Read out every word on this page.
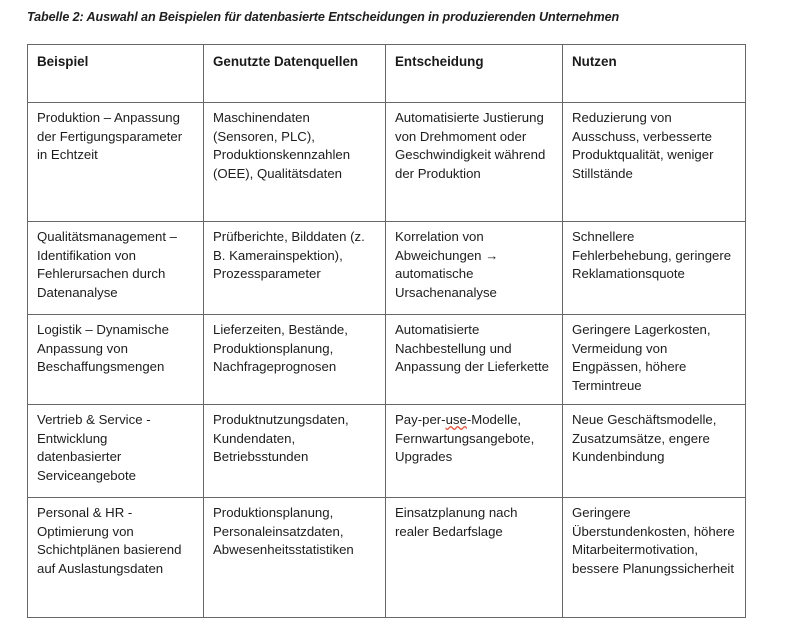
Tabelle 2: Auswahl an Beispielen für datenbasierte Entscheidungen in produzierenden Unternehmen
Beispiel	Genutzte Datenquellen	Entscheidung	Nutzen
Produktion – Anpassung der Fertigungsparameter in Echtzeit	Maschinendaten (Sensoren, PLC), Produktionskennzahlen (OEE), Qualitätsdaten	Automatisierte Justierung von Drehmoment oder Geschwindigkeit während der Produktion	Reduzierung von Ausschuss, verbesserte Produktqualität, weniger Stillstände
Qualitätsmanagement – Identifikation von Fehlerursachen durch Datenanalyse	Prüfberichte, Bilddaten (z. B. Kamerainspektion), Prozessparameter	Korrelation von Abweichungen → automatische Ursachenanalyse	Schnellere Fehlerbehebung, geringere Reklamationsquote
Logistik – Dynamische Anpassung von Beschaffungsmengen	Lieferzeiten, Bestände, Produktionsplanung, Nachfrageprognosen	Automatisierte Nachbestellung und Anpassung der Lieferkette	Geringere Lagerkosten, Vermeidung von Engpässen, höhere Termintreue
Vertrieb & Service - Entwicklung datenbasierter Serviceangebote	Produktnutzungsdaten, Kundendaten, Betriebsstunden	Pay-per-use-Modelle, Fernwartungsangebote, Upgrades	Neue Geschäftsmodelle, Zusatzumsätze, engere Kundenbindung
Personal & HR - Optimierung von Schichtplänen basierend auf Auslastungsdaten	Produktionsplanung, Personaleinsatzdaten, Abwesenheitsstatistiken	Einsatzplanung nach realer Bedarfslage	Geringere Überstundenkosten, höhere Mitarbeitermotivation, bessere Planungssicherheit
